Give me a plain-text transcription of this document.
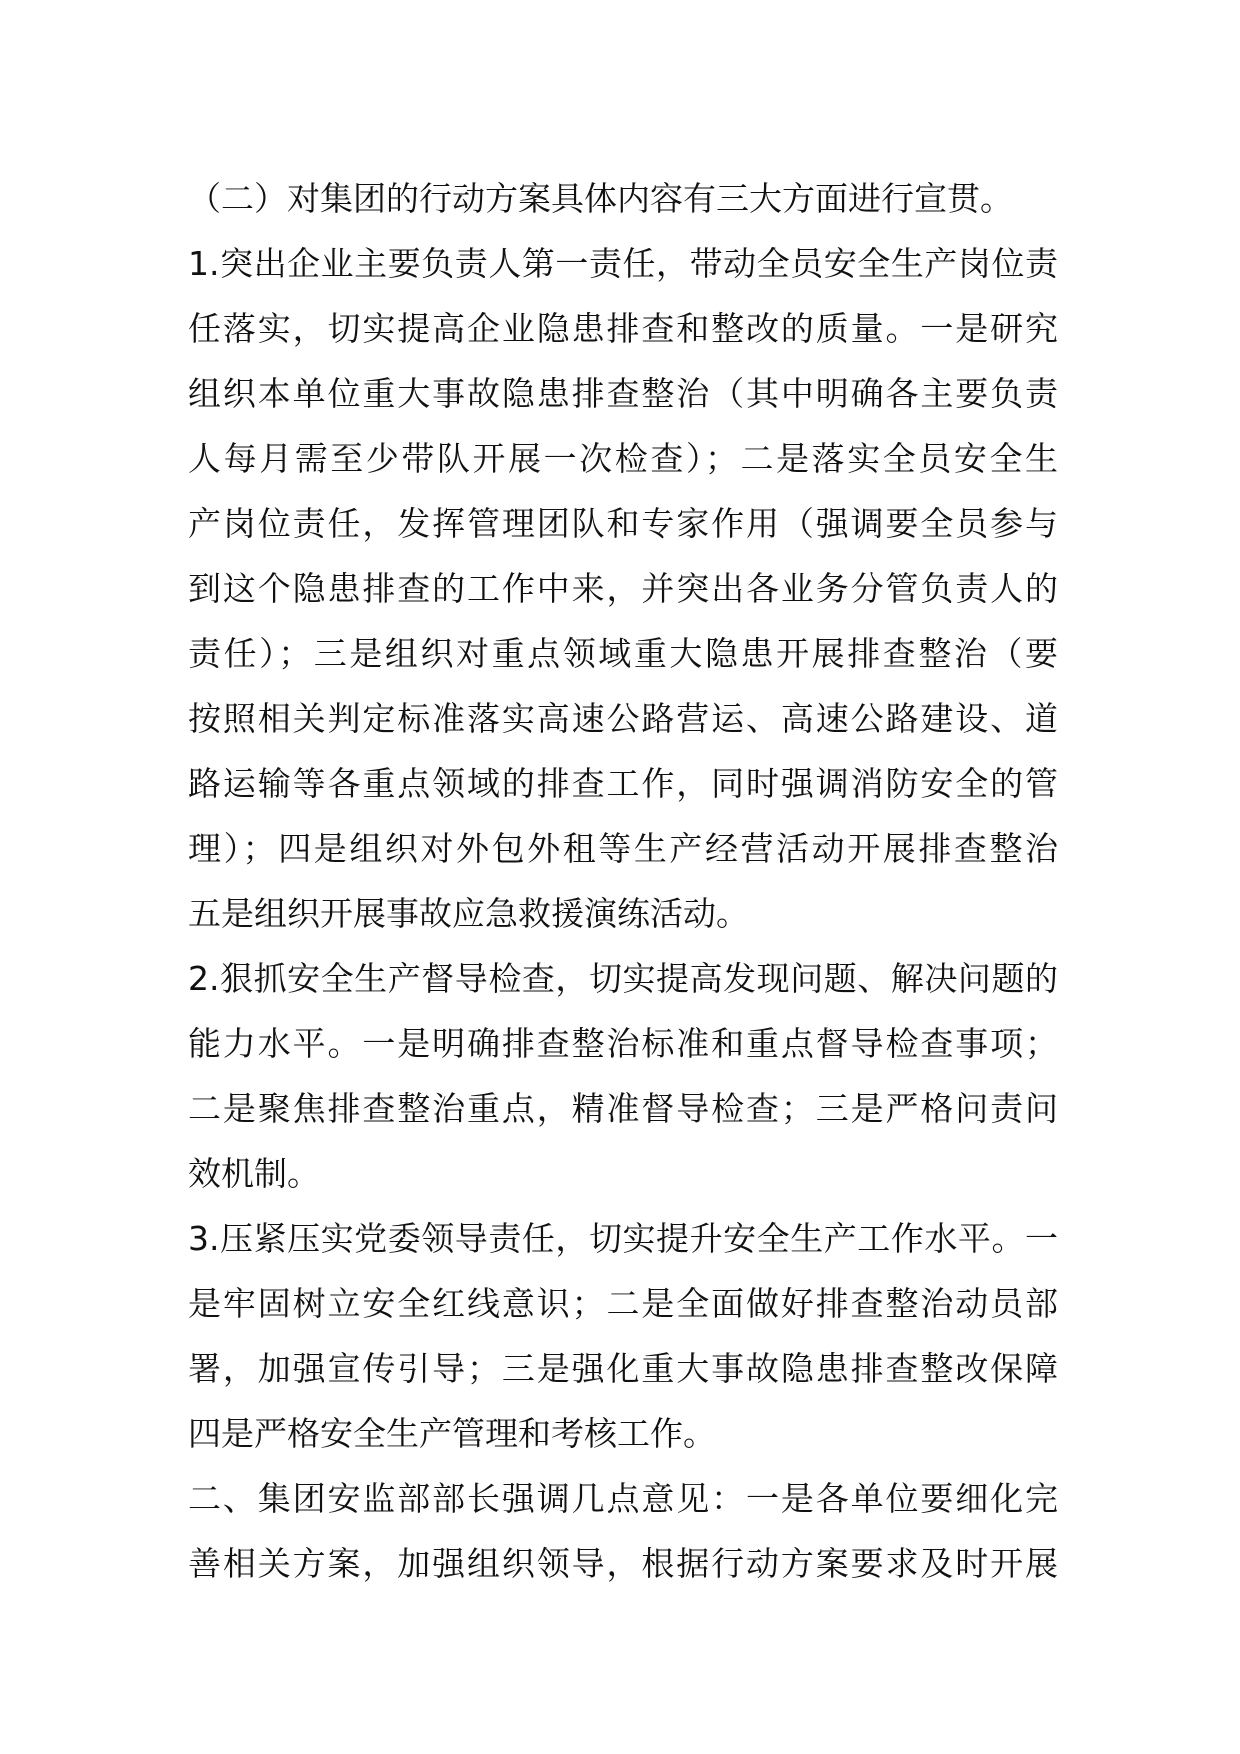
（二）对集团的行动方案具体内容有三大方面进行宣贯。
1.突出企业主要负责人第一责任，带动全员安全生产岗位责
任落实，切实提高企业隐患排查和整改的质量。一是研究
组织本单位重大事故隐患排查整治（其中明确各主要负责
人每月需至少带队开展一次检查）；二是落实全员安全生
产岗位责任，发挥管理团队和专家作用（强调要全员参与
到这个隐患排查的工作中来，并突出各业务分管负责人的
责任）；三是组织对重点领域重大隐患开展排查整治（要
按照相关判定标准落实高速公路营运、高速公路建设、道
路运输等各重点领域的排查工作，同时强调消防安全的管
理）；四是组织对外包外租等生产经营活动开展排查整治
五是组织开展事故应急救援演练活动。
2.狠抓安全生产督导检查，切实提高发现问题、解决问题的
能力水平。一是明确排查整治标准和重点督导检查事项；
二是聚焦排查整治重点，精准督导检查；三是严格问责问
效机制。
3.压紧压实党委领导责任，切实提升安全生产工作水平。一
是牢固树立安全红线意识；二是全面做好排查整治动员部
署，加强宣传引导；三是强化重大事故隐患排查整改保障
四是严格安全生产管理和考核工作。
二、集团安监部部长强调几点意见：一是各单位要细化完
善相关方案，加强组织领导，根据行动方案要求及时开展
